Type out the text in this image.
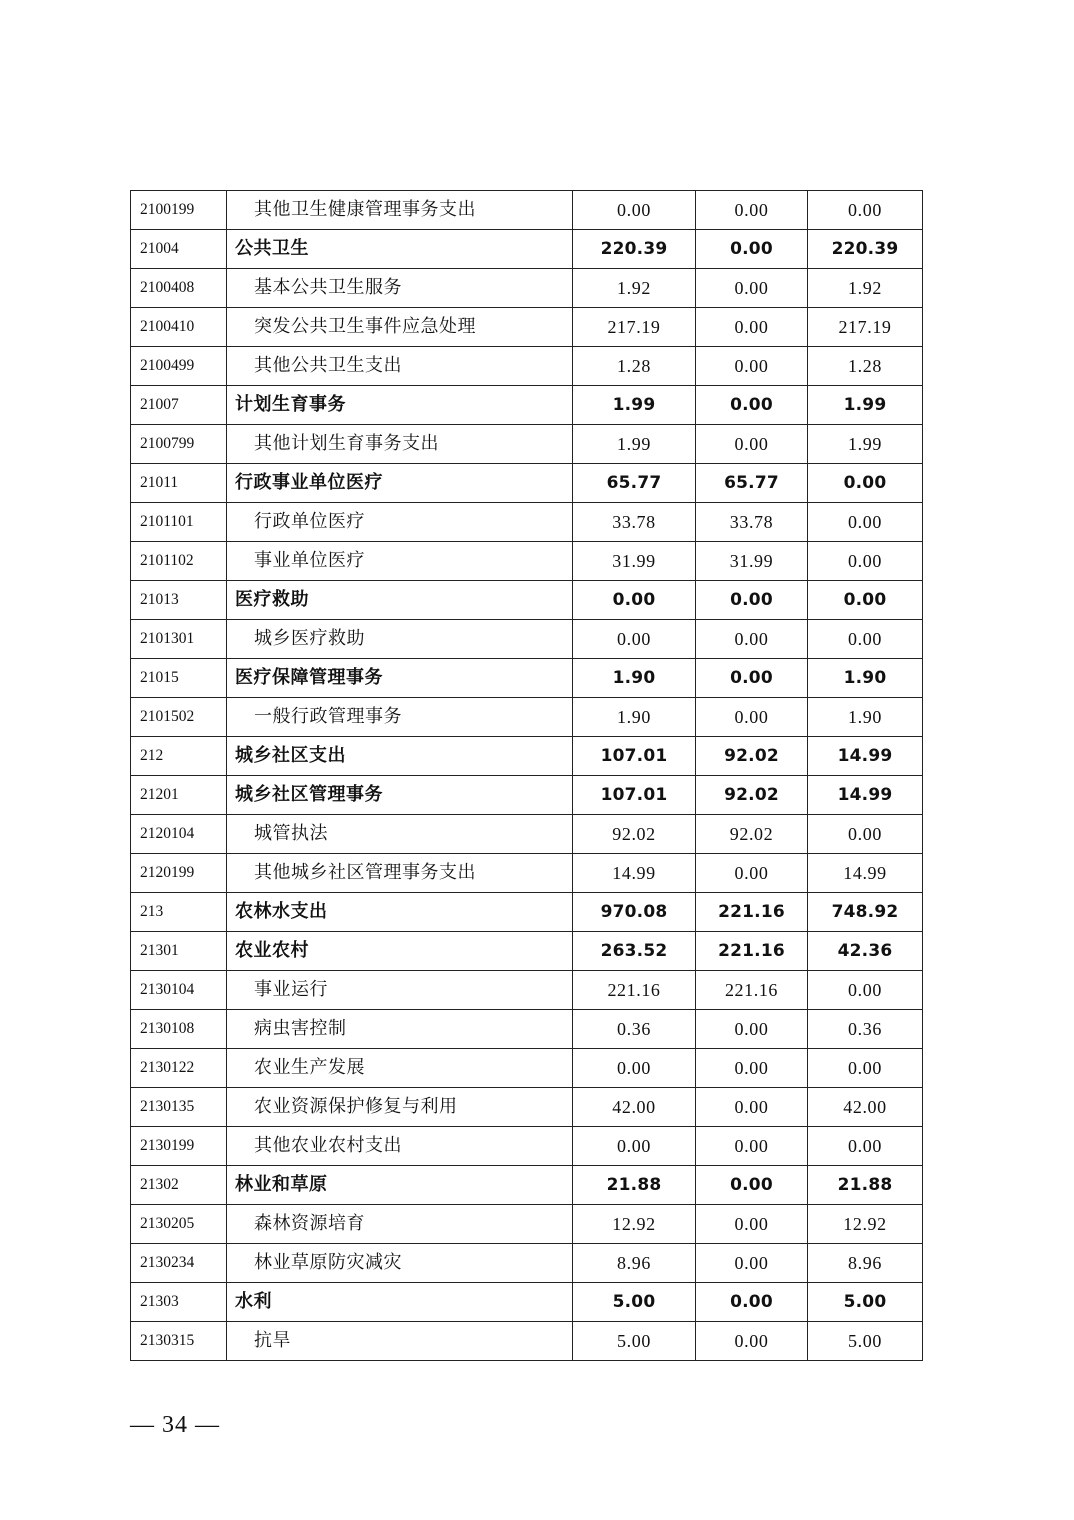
2100199	其他卫生健康管理事务支出	0.00	0.00	0.00
21004	公共卫生	220.39	0.00	220.39
2100408	基本公共卫生服务	1.92	0.00	1.92
2100410	突发公共卫生事件应急处理	217.19	0.00	217.19
2100499	其他公共卫生支出	1.28	0.00	1.28
21007	计划生育事务	1.99	0.00	1.99
2100799	其他计划生育事务支出	1.99	0.00	1.99
21011	行政事业单位医疗	65.77	65.77	0.00
2101101	行政单位医疗	33.78	33.78	0.00
2101102	事业单位医疗	31.99	31.99	0.00
21013	医疗救助	0.00	0.00	0.00
2101301	城乡医疗救助	0.00	0.00	0.00
21015	医疗保障管理事务	1.90	0.00	1.90
2101502	一般行政管理事务	1.90	0.00	1.90
212	城乡社区支出	107.01	92.02	14.99
21201	城乡社区管理事务	107.01	92.02	14.99
2120104	城管执法	92.02	92.02	0.00
2120199	其他城乡社区管理事务支出	14.99	0.00	14.99
213	农林水支出	970.08	221.16	748.92
21301	农业农村	263.52	221.16	42.36
2130104	事业运行	221.16	221.16	0.00
2130108	病虫害控制	0.36	0.00	0.36
2130122	农业生产发展	0.00	0.00	0.00
2130135	农业资源保护修复与利用	42.00	0.00	42.00
2130199	其他农业农村支出	0.00	0.00	0.00
21302	林业和草原	21.88	0.00	21.88
2130205	森林资源培育	12.92	0.00	12.92
2130234	林业草原防灾减灾	8.96	0.00	8.96
21303	水利	5.00	0.00	5.00
2130315	抗旱	5.00	0.00	5.00
— 34 —
